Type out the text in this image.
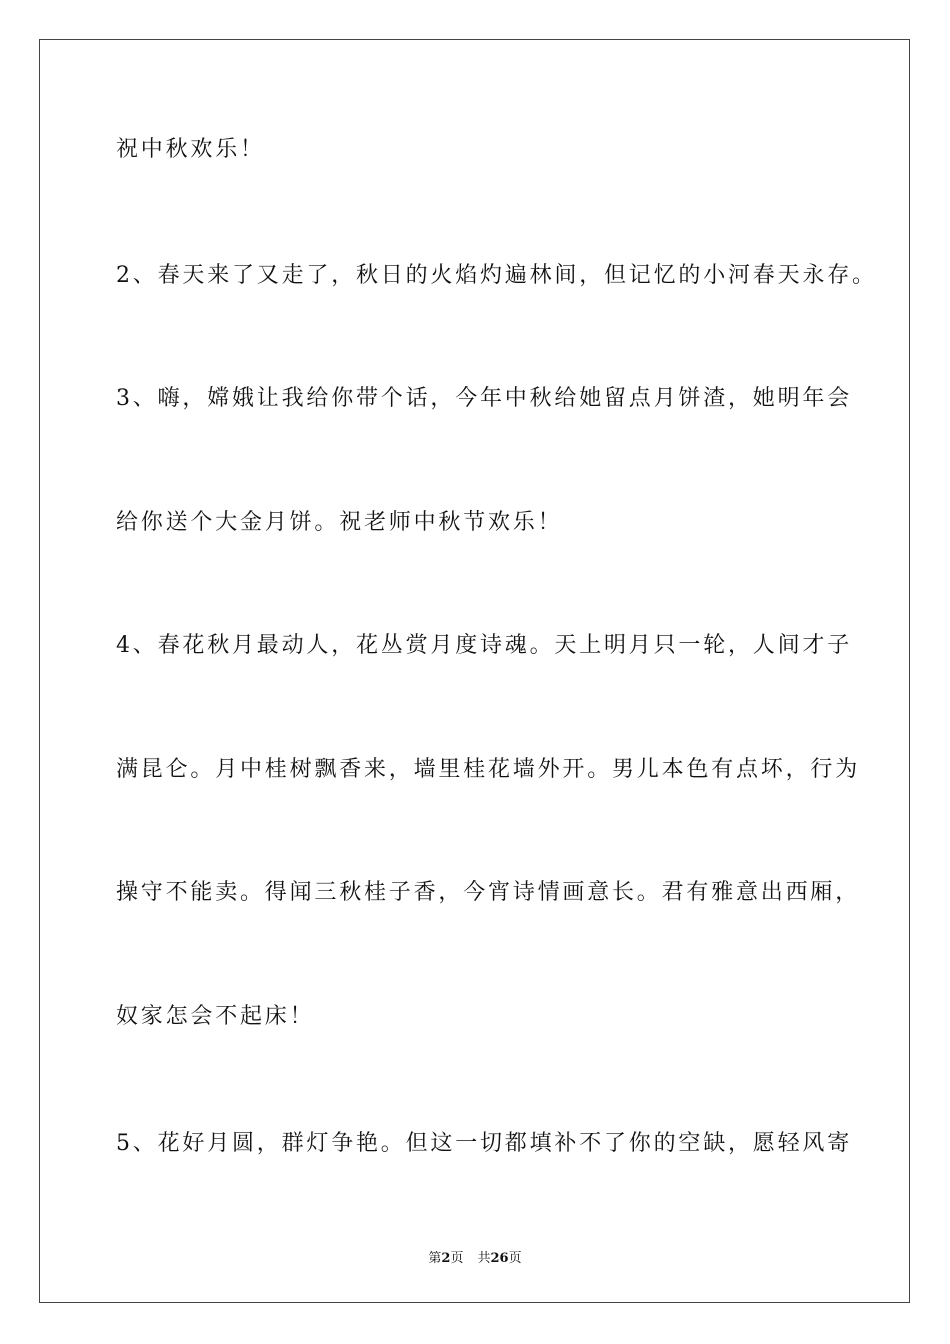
祝中秋欢乐！
2、春天来了又走了，秋日的火焰灼遍林间，但记忆的小河春天永存。
3、嗨，嫦娥让我给你带个话，今年中秋给她留点月饼渣，她明年会
给你送个大金月饼。祝老师中秋节欢乐！
4、春花秋月最动人，花丛赏月度诗魂。天上明月只一轮，人间才子
满昆仑。月中桂树飘香来，墙里桂花墙外开。男儿本色有点坏，行为
操守不能卖。得闻三秋桂子香，今宵诗情画意长。君有雅意出西厢，
奴家怎会不起床！
5、花好月圆，群灯争艳。但这一切都填补不了你的空缺，愿轻风寄
第2页 共26页
